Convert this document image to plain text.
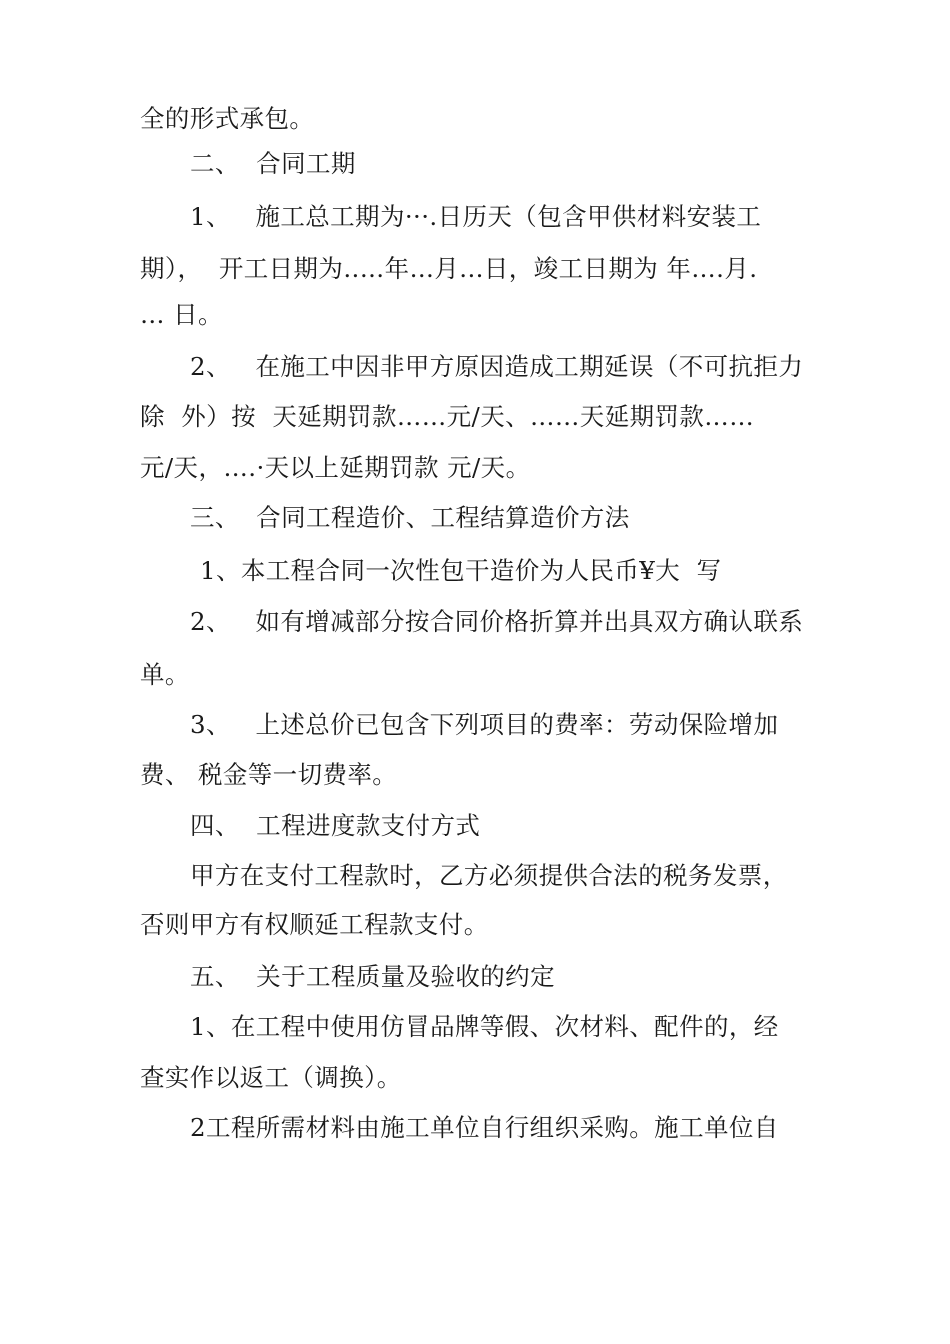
全的形式承包。
二、  合同工期
1、   施工总工期为···.日历天（包含甲供材料安装工
期），  开工日期为..…年…月...日，竣工日期为 年….月.
… 日。
2、   在施工中因非甲方原因造成工期延误（不可抗拒力
除  外）按  天延期罚款……元/天、……天延期罚款……
元/天，….·天以上延期罚款 元/天。
三、  合同工程造价、工程结算造价方法
1、本工程合同一次性包干造价为人民币¥大  写
2、   如有增减部分按合同价格折算并出具双方确认联系
单。
3、   上述总价已包含下列项目的费率：劳动保险增加
费、 税金等一切费率。
四、  工程进度款支付方式
甲方在支付工程款时，乙方必须提供合法的税务发票，
否则甲方有权顺延工程款支付。
五、  关于工程质量及验收的约定
1、在工程中使用仿冒品牌等假、次材料、配件的，经
查实作以返工（调换）。
2工程所需材料由施工单位自行组织采购。施工单位自
